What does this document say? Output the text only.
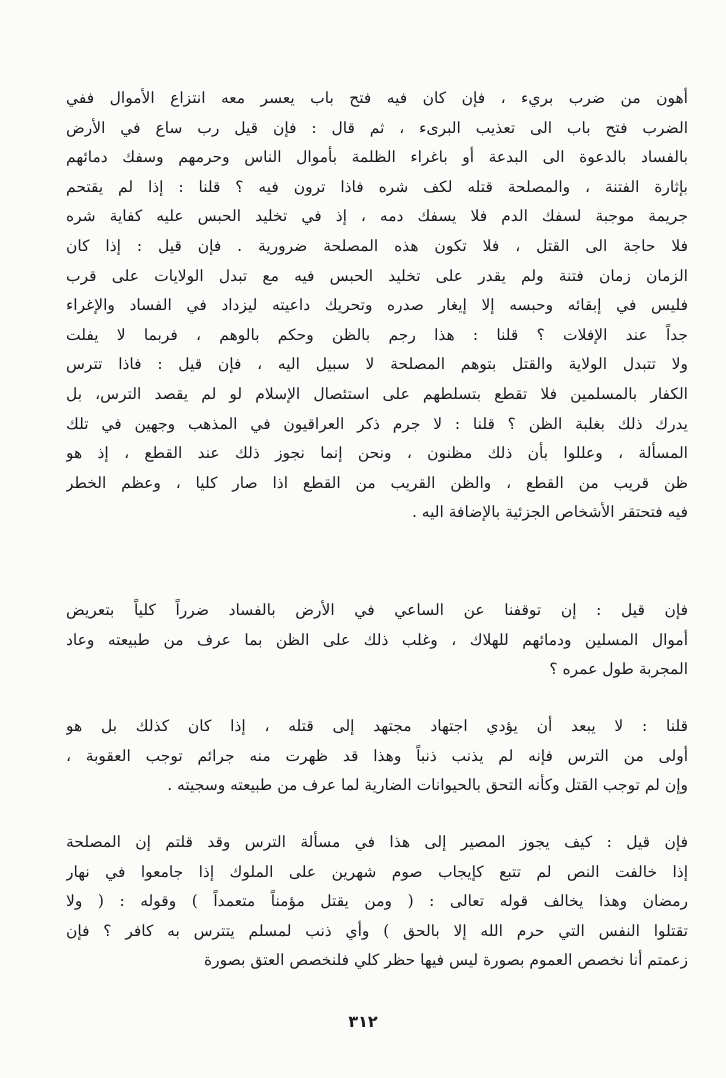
أهون من ضرب بريء ، فإن كان فيه فتح باب يعسر معه انتزاع الأموال ففي
الضرب فتح باب الى تعذيب البرىء ، ثم قال : فإن قيل رب ساع في الأرض
بالفساد بالدعوة الى البدعة أو باغراء الظلمة بأموال الناس وحرمهم وسفك دمائهم
بإثارة الفتنة ، والمصلحة قتله لكف شره فاذا ترون فيه ؟ قلنا : إذا لم يقتحم
جريمة موجبة لسفك الدم فلا يسفك دمه ، إذ في تخليد الحبس عليه كفاية شره
فلا حاجة الى القتل ، فلا تكون هذه المصلحة ضرورية . فإن قيل : إذا كان
الزمان زمان فتنة ولم يقدر على تخليد الحبس فيه مع تبدل الولايات على قرب
فليس في إبقائه وحبسه إلا إيغار صدره وتحريك داعيته ليزداد في الفساد والإغراء
جداً عند الإفلات ؟ قلنا : هذا رجم بالظن وحكم بالوهم ، فربما لا يفلت
ولا تتبدل الولاية والقتل بتوهم المصلحة لا سبيل اليه ، فإن قيل : فاذا تترس
الكفار بالمسلمين فلا تقطع بتسلطهم على استئصال الإسلام لو لم يقصد الترس، بل
يدرك ذلك بغلبة الظن ؟ قلنا : لا جرم ذكر العراقيون في المذهب وجهين في تلك
المسألة ، وعللوا بأن ذلك مظنون ، ونحن إنما نجوز ذلك عند القطع ، إذ هو
ظن قريب من القطع ، والظن القريب من القطع اذا صار كليا ، وعظم الخطر
فيه فتحتقر الأشخاص الجزئية بالإضافة اليه .
فإن قيل : إن توقفنا عن الساعي في الأرض بالفساد ضرراً كلياً بتعريض
أموال المسلين ودمائهم للهلاك ، وغلب ذلك على الظن بما عرف من طبيعته وعاد
المجربة طول عمره ؟
قلنا : لا يبعد أن يؤدي اجتهاد مجتهد إلى قتله ، إذا كان كذلك بل هو
أولى من الترس فإنه لم يذنب ذنباً وهذا قد ظهرت منه جرائم توجب العقوبة ،
وإن لم توجب القتل وكأنه التحق بالحيوانات الضارية لما عرف من طبيعته وسجيته .
فإن قيل : كيف يجوز المصير إلى هذا في مسألة الترس وقد قلتم إن المصلحة
إذا خالفت النص لم تتبع كإيجاب صوم شهرين على الملوك إذا جامعوا في نهار
رمضان وهذا يخالف قوله تعالى : ( ومن يقتل مؤمناً متعمداً ) وقوله : ( ولا
تقتلوا النفس التي حرم الله إلا بالحق ) وأي ذنب لمسلم يتترس به كافر ؟ فإن
زعمتم أنا نخصص العموم بصورة ليس فيها حظر كلي فلنخصص العتق بصورة
٣١٢
